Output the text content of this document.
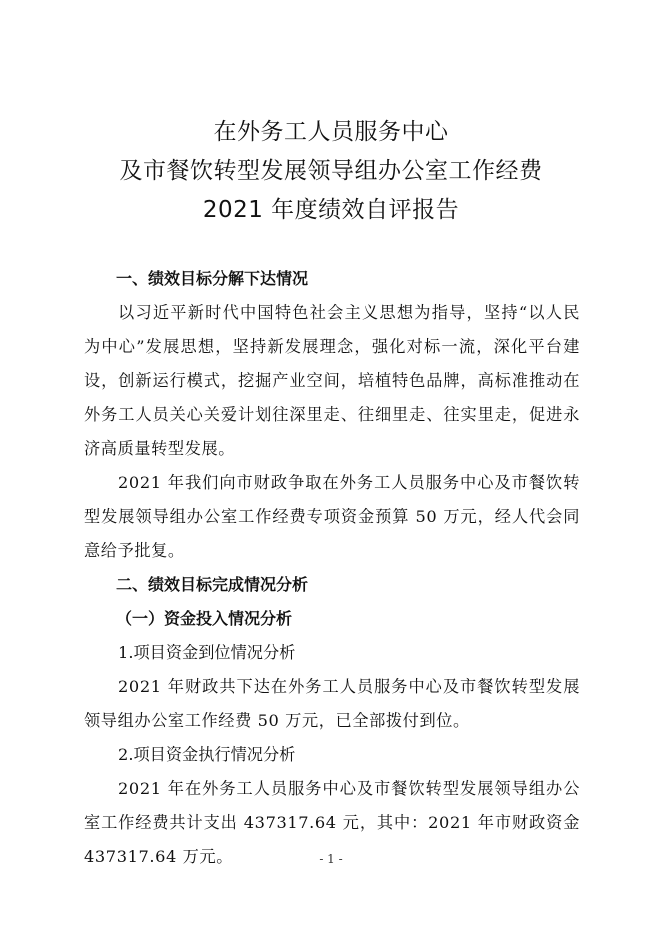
在外务工人员服务中心
及市餐饮转型发展领导组办公室工作经费
2021 年度绩效自评报告
一、绩效目标分解下达情况
以习近平新时代中国特色社会主义思想为指导，坚持“以人民为中心”发展思想，坚持新发展理念，强化对标一流，深化平台建设，创新运行模式，挖掘产业空间，培植特色品牌，高标准推动在外务工人员关心关爱计划往深里走、往细里走、往实里走，促进永济高质量转型发展。
2021 年我们向市财政争取在外务工人员服务中心及市餐饮转型发展领导组办公室工作经费专项资金预算 50 万元，经人代会同意给予批复。
二、绩效目标完成情况分析
（一）资金投入情况分析
1.项目资金到位情况分析
2021 年财政共下达在外务工人员服务中心及市餐饮转型发展领导组办公室工作经费 50 万元，已全部拨付到位。
2.项目资金执行情况分析
2021 年在外务工人员服务中心及市餐饮转型发展领导组办公室工作经费共计支出 437317.64 元，其中：2021 年市财政资金 437317.64 万元。	- 1 -
